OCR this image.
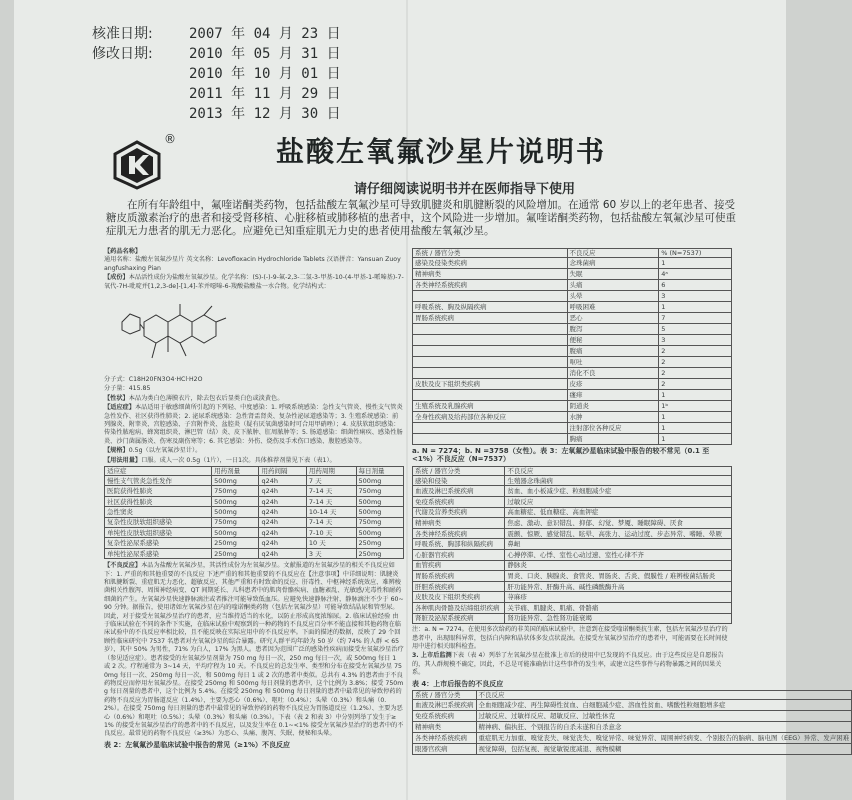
核准日期:	2007 年 04 月 23 日
修改日期:	2010 年 05 月 31 日
2010 年 10 月 01 日
2011 年 11 月 29 日
2013 年 12 月 30 日
®	盐酸左氧氟沙星片说明书
请仔细阅读说明书并在医师指导下使用
在所有年龄组中，氟喹诺酮类药物，包括盐酸左氧氟沙星可导致肌腱炎和肌腱断裂的风险增加。在通常 60 岁以上的老年患者、接受糖皮质激素治疗的患者和接受肾移植、心脏移植或肺移植的患者中，这个风险进一步增加。氟喹诺酮类药物，包括盐酸左氧氟沙星可使重症肌无力患者的肌无力恶化。应避免已知重症肌无力史的患者使用盐酸左氧氟沙星。
【药品名称】
通用名称：盐酸左氧氟沙星片 英文名称：Levofloxacin Hydrochloride Tablets 汉语拼音：Yansuan Zuoyangfushaxing Pian
【成份】本品活性成份为盐酸左氧氟沙星。化学名称：(S)-(-)-9-氟-2,3-二氢-3-甲基-10-(4-甲基-1-哌嗪基)-7-氧代-7H-吡啶并[1,2,3-de]-[1,4]-苯并噁嗪-6-羧酸盐酸盐一水合物。化学结构式：
分子式：C18H20FN3O4·HCl·H2O
分子量：415.85
【性状】本品为类白色薄膜衣片，除去包衣后显类白色或淡黄色。
【适应症】本品适用于敏感细菌所引起的下列轻、中度感染：1. 呼吸系统感染：急性支气管炎、慢性支气管炎急性发作、社区获得性肺炎；2. 泌尿系统感染：急性肾盂肾炎、复杂性泌尿道感染等；3. 生殖系统感染：前列腺炎、附睾炎、宫腔感染、子宫附件炎、盆腔炎（疑有厌氧菌感染时可合用甲硝唑）；4. 皮肤软组织感染：传染性脓疱病、蜂窝组织炎、淋巴管（结）炎、皮下脓肿、肛周脓肿等；5. 肠道感染：细菌性痢疾、感染性肠炎、沙门菌属肠炎、伤寒及副伤寒等；6. 其它感染：外伤、烧伤及手术伤口感染、腹腔感染等。
【规格】0.5g（以左氧氟沙星计）。
【用法用量】口服。成人一次 0.5g（1片），一日1次。具体推荐剂量见下表（表1）。
适应症	用药剂量	用药间隔	用药周期	每日剂量
慢性支气管炎急性发作	500mg	q24h	7 天	500mg
医院获得性肺炎	750mg	q24h	7-14 天	750mg
社区获得性肺炎	500mg	q24h	7-14 天	500mg
急性窦炎	500mg	q24h	10-14 天	500mg
复杂性皮肤软组织感染	750mg	q24h	7-14 天	750mg
单纯性皮肤软组织感染	500mg	q24h	7-10 天	500mg
复杂性泌尿系感染	250mg	q24h	10 天	250mg
单纯性泌尿系感染	250mg	q24h	3 天	250mg
【不良反应】本品为盐酸左氧氟沙星，其活性成份为左氧氟沙星。文献报道的左氧氟沙星的相关不良反应如下：1. 严重的和其他重要的不良反应 下述严重的和其他重要的不良反应在【注意事项】中详细说明：肌腱炎和肌腱断裂、重症肌无力恶化、超敏反应、其他严重和有时致命的反应、肝毒性、中枢神经系统效应、难辨梭菌相关性腹泻、周围神经病变、QT 间期延长、儿科患者中的肌肉骨骼疾病、血糖紊乱、光敏感/光毒性和耐药细菌的产生。左氧氟沙星快速静脉滴注或者推注可能导致低血压。应避免快速静脉注射，静脉滴注不少于 60~90 分钟。据报告，使用诸如左氧氟沙星在内的喹诺酮类药物（包括左氧氟沙星）可能导致结晶尿和管型尿。因此，对于接受左氧氟沙星治疗的患者，应当维持适当的水化，以防止形成高度浓缩尿。2. 临床试验经验 由于临床试验在不同的条件下实施，在临床试验中观察到的一种药物的不良反应百分率不能直接和其他药物在临床试验中的不良反应率相比较，且不能反映在实际应用中的不良反应率。下面的描述的数据，反映了 29 个回顾性临床研究中 7537 名患者对左氧氟沙星的综合暴露。研究人群平均年龄为 50 岁（约 74% 的人群 < 65 岁），其中 50% 为男性，71% 为白人，17% 为黑人。患者因为范围广泛的感染性疾病而接受左氧氟沙星治疗（参见适应症）。患者接受的左氧氟沙星剂量为 750 mg 每日一次，250 mg 每日一次，或 500mg 每日 1 或 2 次。疗程通常为 3~14 天，平均疗程为 10 天。不良反应的总发生率、类型和分布在接受左氧氟沙星 750mg 每日一次、250mg 每日一次、和 500mg 每日 1 或 2 次的患者中类似。总共有 4.3% 的患者由于不良药物反应而停用左氧氟沙星。在接受 250mg 和 500mg 每日剂量的患者中，这个比例为 3.8%；接受 750mg 每日剂量的患者中，这个比例为 5.4%。在接受 250mg 和 500mg 每日剂量的患者中最常见的导致停药的药物不良反应为胃肠道反应（1.4%），主要为恶心（0.6%）、呕吐（0.4%）；头晕（0.3%）和头痛（0.2%）。在接受 750mg 每日剂量的患者中最常见的导致停药的药物不良反应为胃肠道反应（1.2%）、主要为恶心（0.6%）和呕吐（0.5%）；头晕（0.3%）和头痛（0.3%）。下表（表 2 和表 3）中分别列举了发生于≥1% 的接受左氧氟沙星治疗的患者中的不良反应，以及发生率在 0.1~<1% 接受左氧氟沙星治疗的患者中的不良反应。最常见的药物不良反应（≥3%）为恶心、头痛、腹泻、失眠、便秘和头晕。
表 2：左氧氟沙星临床试验中报告的常见（≥1%）不良反应
系统 / 器官分类	不良反应	% (N=7537)
感染及侵染类疾病	念珠菌病	1
精神病类	失眠	4ᵃ
各类神经系统疾病	头痛	6
	头晕	3
呼吸系统、胸及纵隔疾病	呼吸困难	1
胃肠系统疾病	恶心	7
	腹泻	5
	便秘	3
	腹痛	2
	呕吐	2
	消化不良	2
皮肤及皮下组织类疾病	皮疹	2
	瘙痒	1
生殖系统及乳腺疾病	阴道炎	1ᵇ
全身性疾病及给药部位各种反应	水肿	1
	注射部位各种反应	1
	胸痛	1
a. N = 7274；b. N =3758（女性）。表 3：左氧氟沙星临床试验中报告的较不常见（0.1 至 <1%）不良反应（N=7537）
系统 / 器官分类	不良反应
感染和侵染	生殖器念珠菌病
血液及淋巴系统疾病	贫血、血小板减少症、粒细胞减少症
免疫系统疾病	过敏反应
代谢及营养类疾病	高血糖症、低血糖症、高血钾症
精神病类	焦虑、激动、意识错乱、抑郁、幻觉、梦魇、睡眠障碍、厌食
各类神经系统疾病	震颤、惊厥、感觉错乱、眩晕、高张力、运动过度、步态异常、嗜睡、晕厥
呼吸系统、胸部和纵隔疾病	鼻衄
心脏器官疾病	心搏停滞、心悸、室性心动过速、室性心律不齐
血管疾病	静脉炎
胃肠系统疾病	胃炎、口炎、胰腺炎、食管炎、胃肠炎、舌炎、假膜性 / 难辨梭菌结肠炎
肝胆系统疾病	肝功能异常、肝酶升高、碱性磷酸酶升高
皮肤及皮下组织类疾病	荨麻疹
各种肌肉骨骼及结缔组织疾病	关节痛、肌腱炎、肌痛、骨骼痛
肾脏及泌尿系统疾病	肾功能异常、急性肾功能衰竭
注：a. N = 7274。在使用多次给药的非美国的临床试验中，注意到在接受喹诺酮类抗生素，包括左氧氟沙星治疗的患者中，出现眼科异常，包括白内障和晶状体多发点状混浊。在接受左氧氟沙星治疗的患者中，可能需要在长时间使用中进行相关眼科检查。
3. 上市后监测下表（表 4）列举了左氧氟沙星在批准上市后的使用中已发现的不良反应。由于这些反应是自愿报告的，其人群规模不确定，因此，不总是可能准确估计这些事件的发生率，或建立这些事件与药物暴露之间的因果关系。
表 4：上市后报告的不良反应
系统 / 器官分类	不良反应
血液及淋巴系统疾病	全血细胞减少症、再生障碍性贫血、白细胞减少症、溶血性贫血、嗜酸性粒细胞增多症
免疫系统疾病	过敏反应、过敏样反应、超敏反应、过敏性休克
精神病类	精神病、偏执狂、个别报告的自杀未遂和自杀意念
各类神经系统疾病	重症肌无力加重、嗅觉丧失、味觉丧失、嗅觉异常、味觉异常、周围神经病变、个别报告的脑病、脑电图（EEG）异常、发声困难
眼器官疾病	视觉障碍，包括复视、视觉敏锐度减退、视物模糊
